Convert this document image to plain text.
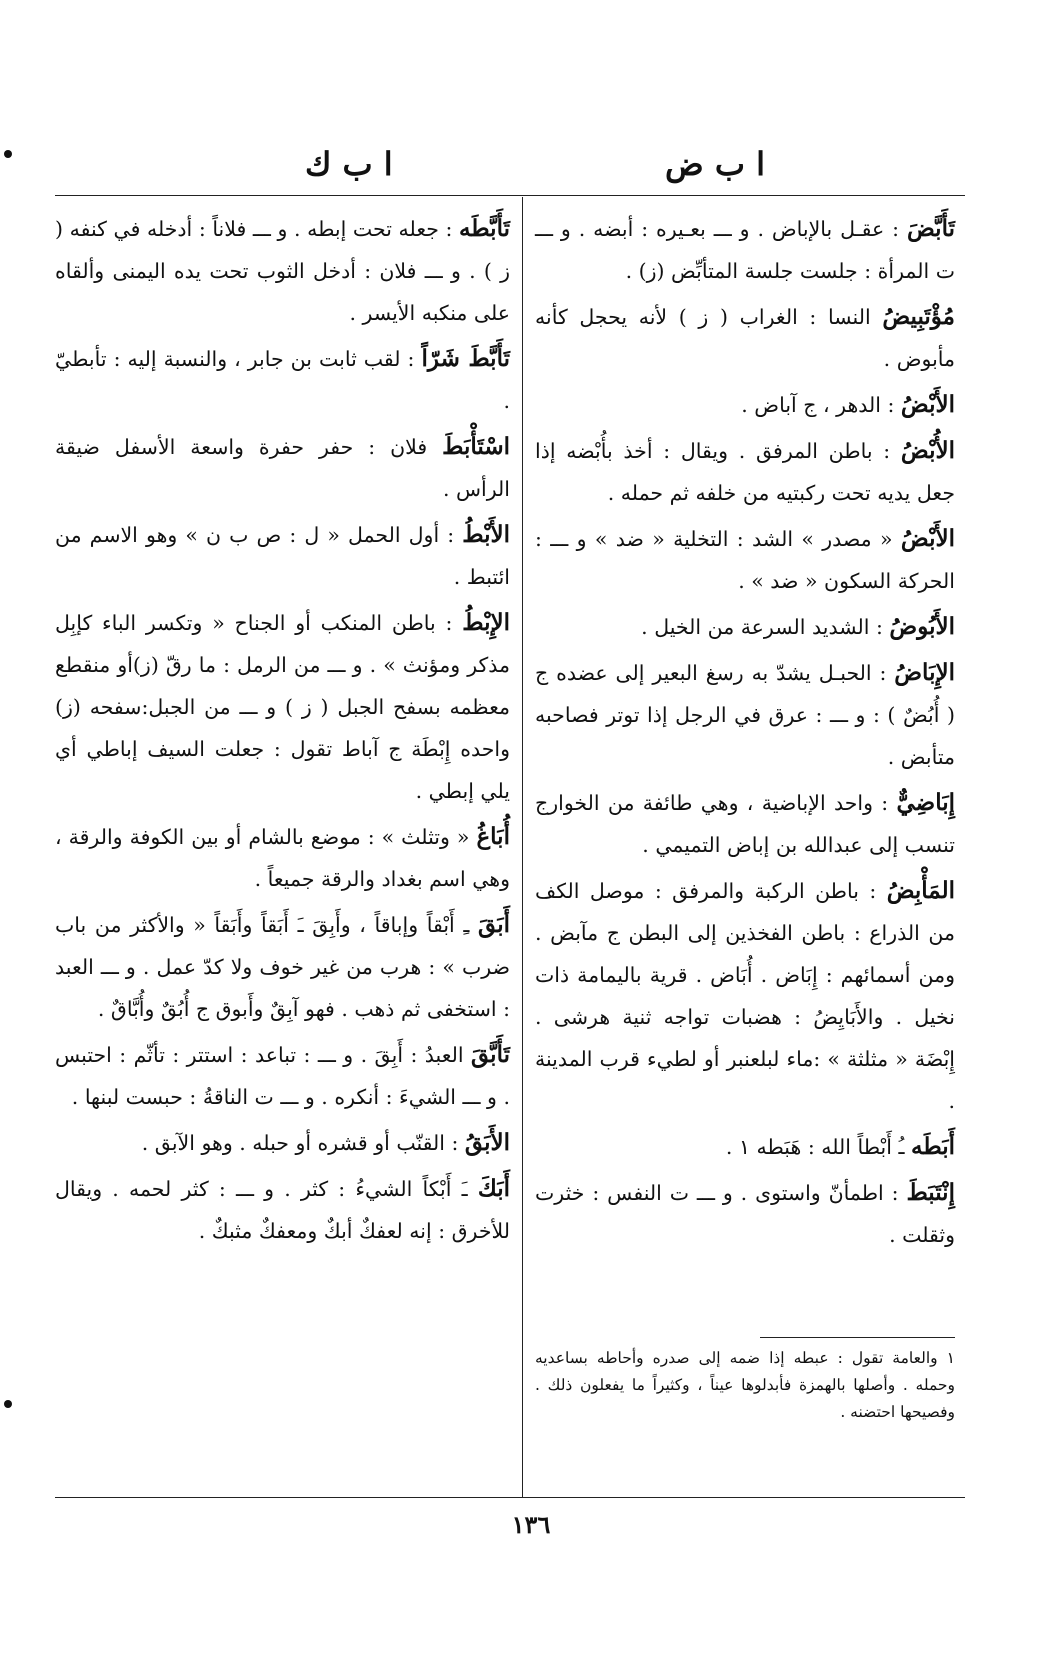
ا ب ض
ا ب ك

تَأَبَّضَ : عقـل بالإباض . و ـــ بعـيره : أبضه . و ـــ ت المرأة : جلست جلسة المتأبِّض (ز) .

مُؤْتَبِيضُ النسا : الغراب ( ز ) لأنه يحجل كأنه مأبوض .

الأَبْضُ : الدهر ، ج آباض .

الأُبْضُ : باطن المرفق . ويقال : أخذ بأُبْضه إذا جعل يديه تحت ركبتيه من خلفه ثم حمله .

الأَبْضُ « مصدر » الشد : التخلية « ضد » و ـــ : الحركة السكون « ضد » .

الأَبُوضُ : الشديد السرعة من الخيل .

الإِبَاضُ : الحبـل يشدّ به رسغ البعير إلى عضده ج ( أُبُضٌ ) : و ـــ : عرق في الرجل إذا توتر فصاحبه متأبض .

إِبَاضِيٌّ : واحد الإباضية ، وهي طائفة من الخوارج تنسب إلى عبدالله بن إباض التميمي .

المَأْبِضُ : باطن الركبة والمرفق : موصل الكف من الذراع : باطن الفخذين إلى البطن ج مآبض . ومن أسمائهم : إِبَاض . أُبَاض . قرية باليمامة ذات نخيل . والأَبَايِضُ : هضبات تواجه ثنية هرشى . إِبْضَة « مثلثة » :ماء لبلعنبر أو لطيء قرب المدينة .

أَبَطَه ـُ أَبْطاً الله : هَبَطه ١ .

إِنْتَبَطَ : اطمأنّ واستوى . و ـــ ت النفس : خثرت وثقلت .

تَأَبَّطَه : جعله تحت إبطه . و ـــ فلاناً : أدخله في كنفه ( ز ) . و ـــ فلان : أدخل الثوب تحت يده اليمنى وألقاه على منكبه الأيسر .

تَأَبَّطَ شَرّاً : لقب ثابت بن جابر ، والنسبة إليه : تأبطيّ .

اسْتَأْبَطَ فلان : حفر حفرة واسعة الأسفل ضيقة الرأس .

الأَبْطُ : أول الحمل « ل : ص ب ن » وهو الاسم من ائتبط .

الإِبْطُ : باطن المنكب أو الجناح « وتكسر الباء كإبِل مذكر ومؤنث » . و ـــ من الرمل : ما رقّ (ز)أو منقطع معظمه بسفح الجبل ( ز ) و ـــ من الجبل:سفحه (ز) واحده إِبْطَة ج آباط تقول : جعلت السيف إباطي أي يلي إبطي .

أُبَاغُ « وتثلث » : موضع بالشام أو بين الكوفة والرقة ، وهي اسم بغداد والرقة جميعاً .

أَبَقَ ـِ أَبْقاً وإباقاً ، وأَبِقَ ـَ أَبَقاً وأَبَقاً « والأكثر من باب ضرب » : هرب من غير خوف ولا كدّ عمل . و ـــ العبد : استخفى ثم ذهب . فهو آبِقٌ وأَبوق ج أُبُقٌ وأُبَّاقٌ .

تَأَبَّقَ العبدُ : أَبِقَ . و ـــ : تباعد : استتر : تأثّم : احتبس . و ـــ الشيءَ : أنكره . و ـــ ت الناقةُ : حبست لبنها .

الأَبَقُ : القنّب أو قشره أو حبله . وهو الآبق .

أَبَكَ ـَ أَبْكاً الشيءُ : كثر . و ـــ : كثر لحمه . ويقال للأخرق : إنه لعفكٌ أبكٌ ومعفكٌ مثبكٌ .

١ والعامة تقول : عبطه إذا ضمه إلى صدره وأحاطه بساعديه وحمله . وأصلها بالهمزة فأبدلوها عيناً ، وكثيراً ما يفعلون ذلك . وفصيحها احتضنه .
١٣٦
